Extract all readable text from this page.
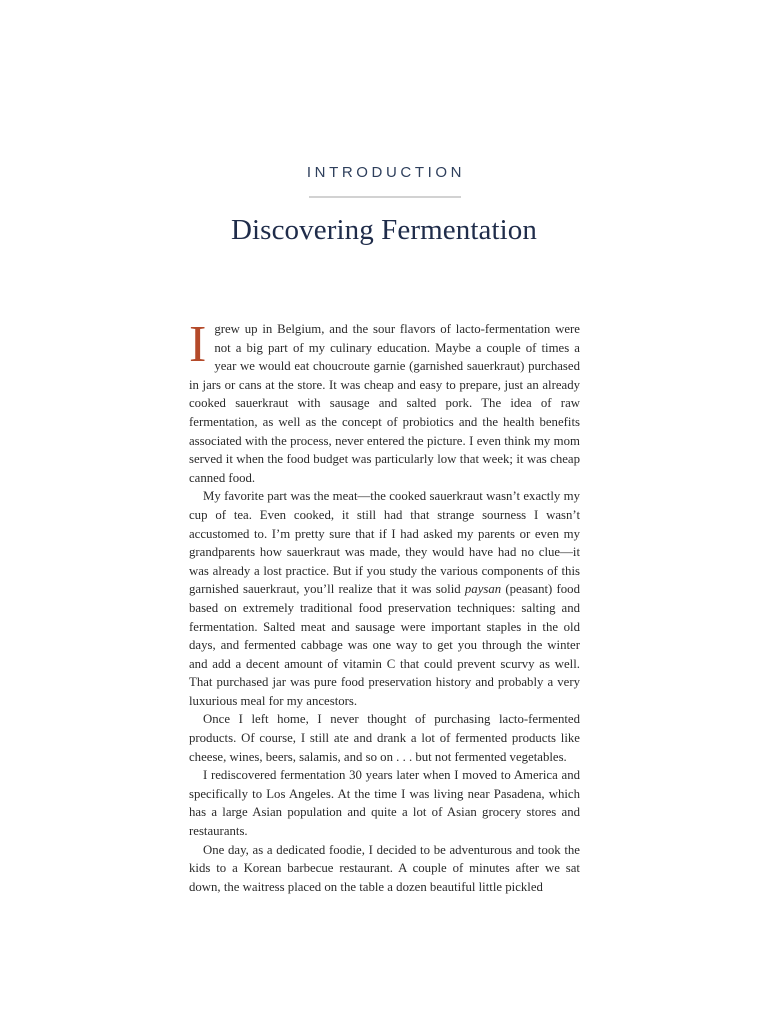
INTRODUCTION
Discovering Fermentation

Igrew up in Belgium, and the sour flavors of lacto-fermentation were not a big part of my culinary education. Maybe a couple of times a year we would eat choucroute garnie (garnished sauerkraut) purchased in jars or cans at the store. It was cheap and easy to prepare, just an already cooked sauerkraut with sausage and salted pork. The idea of raw fermentation, as well as the concept of probiotics and the health benefits associated with the process, never entered the picture. I even think my mom served it when the food budget was particularly low that week; it was cheap canned food.

My favorite part was the meat—the cooked sauerkraut wasn’t exactly my cup of tea. Even cooked, it still had that strange sourness I wasn’t accustomed to. I’m pretty sure that if I had asked my parents or even my grandparents how sauerkraut was made, they would have had no clue—it was already a lost practice. But if you study the various components of this garnished sauerkraut, you’ll realize that it was solid paysan (peasant) food based on extremely traditional food preservation techniques: salting and fermentation. Salted meat and sausage were important staples in the old days, and fermented cabbage was one way to get you through the winter and add a decent amount of vitamin C that could prevent scurvy as well. That purchased jar was pure food preservation history and probably a very luxurious meal for my ancestors.

Once I left home, I never thought of purchasing lacto-fermented products. Of course, I still ate and drank a lot of fermented products like cheese, wines, beers, salamis, and so on . . . but not fermented vegetables.

I rediscovered fermentation 30 years later when I moved to America and specifically to Los Angeles. At the time I was living near Pasadena, which has a large Asian population and quite a lot of Asian grocery stores and restaurants.

One day, as a dedicated foodie, I decided to be adventurous and took the kids to a Korean barbecue restaurant. A couple of minutes after we sat down, the waitress placed on the table a dozen beautiful little pickled
